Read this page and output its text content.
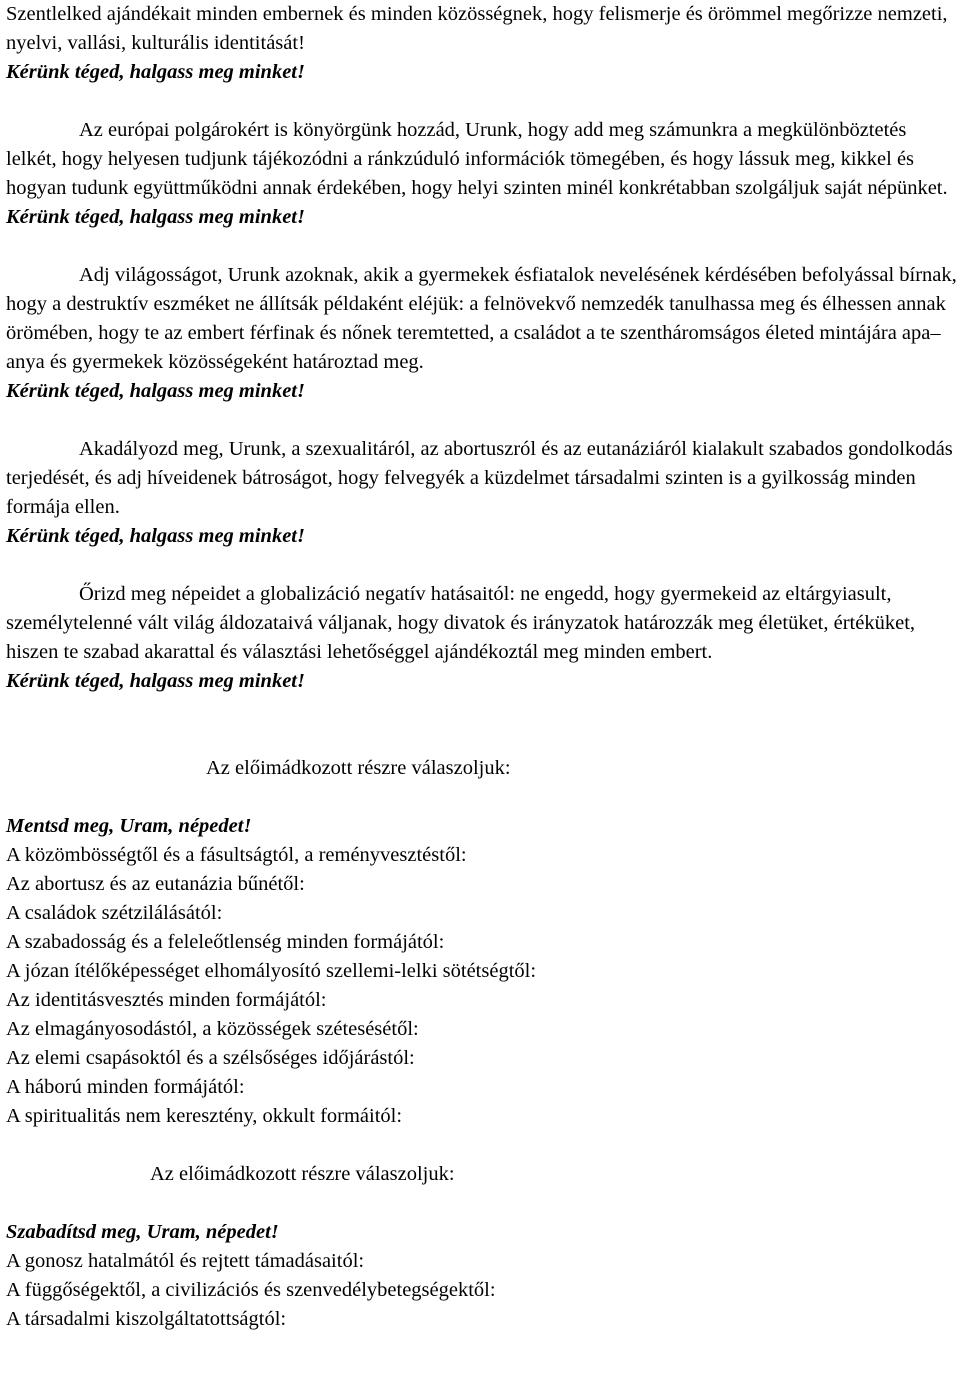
Szentlelked ajándékait minden embernek és minden közösségnek, hogy felismerje és örömmel megőrizze nemzeti, nyelvi, vallási, kulturális identitását!
Kérünk téged, halgass meg minket!

Az európai polgárokért is könyörgünk hozzád, Urunk, hogy add meg számunkra a megkülönböztetés lelkét, hogy helyesen tudjunk tájékozódni a ránkzúduló információk tömegében, és hogy lássuk meg, kikkel és hogyan tudunk együttműködni annak érdekében, hogy helyi szinten minél konkrétabban szolgáljuk saját népünket.
Kérünk téged, halgass meg minket!

Adj világosságot, Urunk azoknak, akik a gyermekek ésfiatalok nevelésének kérdésében befolyással bírnak, hogy a destruktív eszméket ne állítsák példaként eléjük: a felnövekvő nemzedék tanulhassa meg és élhessen annak örömében, hogy te az embert férfinak és nőnek teremtetted, a családot a te szentháromságos életed mintájára apa–anya és gyermekek közösségeként határoztad meg.
Kérünk téged, halgass meg minket!

Akadályozd meg, Urunk, a szexualitáról, az abortuszról és az eutanáziáról kialakult szabados gondolkodás terjedését, és adj híveidenek bátroságot, hogy felvegyék a küzdelmet társadalmi szinten is a gyilkosság minden formája ellen.
Kérünk téged, halgass meg minket!

Őrizd meg népeidet a globalizáció negatív hatásaitól: ne engedd, hogy gyermekeid az eltárgyiasult, személytelenné vált világ áldozataivá váljanak, hogy divatok és irányzatok határozzák meg életüket, értéküket, hiszen te szabad akarattal és választási lehetőséggel ajándékoztál meg minden embert.
Kérünk téged, halgass meg minket!

Az előimádkozott részre válaszoljuk:

Mentsd meg, Uram, népedet!
A közömbösségtől és a fásultságtól, a reményvesztéstől:
Az abortusz és az eutanázia bűnétől:
A családok szétzilálásától:
A szabadosság és a feleleőtlenség minden formájától:
A józan ítélőképességet elhomályosító szellemi-lelki sötétségtől:
Az identitásvesztés minden formájától:
Az elmagányosodástól, a közösségek szétesésétől:
Az elemi csapásoktól és a szélsőséges időjárástól:
A háború minden formájától:
A spiritualitás nem keresztény, okkult formáitól:

Az előimádkozott részre válaszoljuk:

Szabadítsd meg, Uram, népedet!
A gonosz hatalmától és rejtett támadásaitól:
A függőségektől, a civilizációs és szenvedélybetegségektől:
A társadalmi kiszolgáltatottságtól:
